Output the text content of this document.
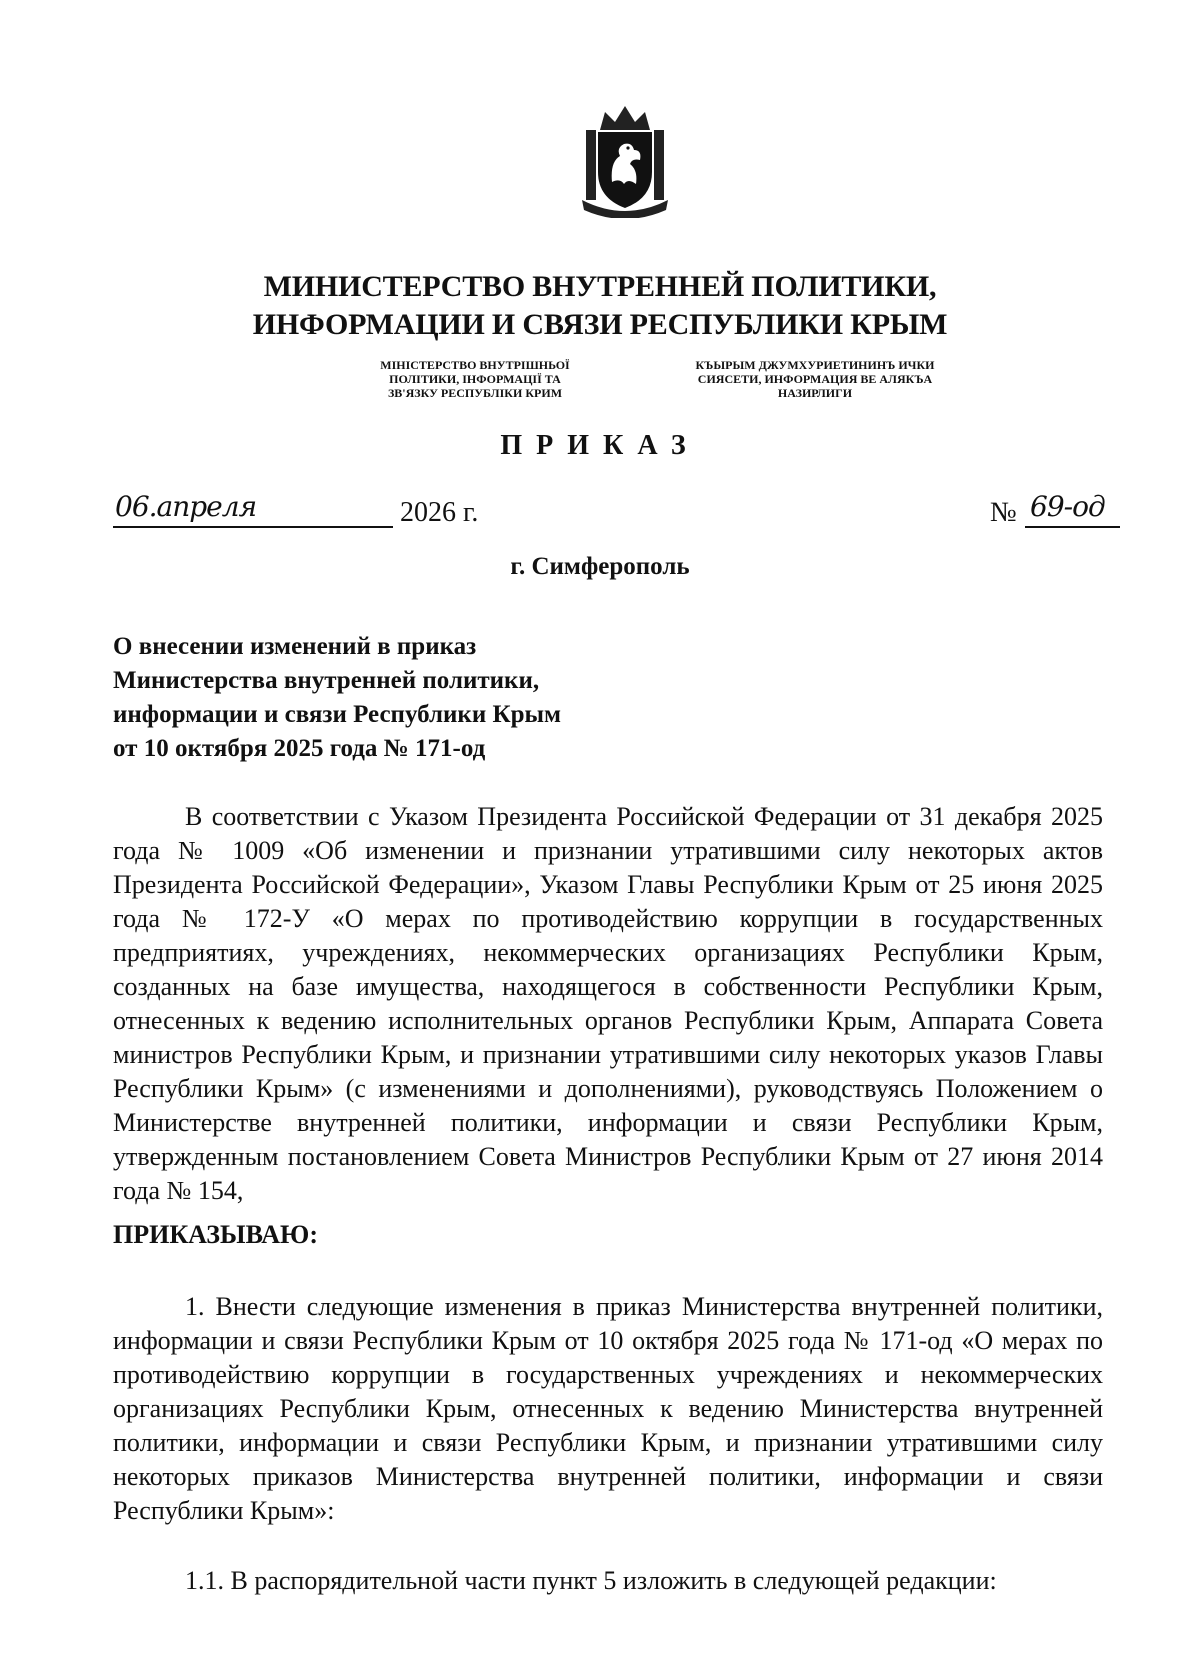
МИНИСТЕРСТВО ВНУТРЕННЕЙ ПОЛИТИКИ,
ИНФОРМАЦИИ И СВЯЗИ РЕСПУБЛИКИ КРЫМ
МІНІСТЕРСТВО ВНУТРІШНЬОЇ
ПОЛІТИКИ, ІНФОРМАЦІЇ ТА
ЗВ'ЯЗКУ РЕСПУБЛІКИ КРИМ
КЪЫРЫМ ДЖУМХУРИЕТИНИНЪ ИЧКИ
СИЯСЕТИ, ИНФОРМАЦИЯ ВЕ АЛЯКЪА
НАЗИРЛИГИ
ПРИКАЗ
06.апреля	2026 г.	№ 69-од
г. Симферополь
О внесении изменений в приказ
Министерства внутренней политики,
информации и связи Республики Крым
от 10 октября 2025 года № 171-од
В соответствии с Указом Президента Российской Федерации от 31 декабря 2025 года № 1009 «Об изменении и признании утратившими силу некоторых актов Президента Российской Федерации», Указом Главы Республики Крым от 25 июня 2025 года № 172-У «О мерах по противодействию коррупции в государственных предприятиях, учреждениях, некоммерческих организациях Республики Крым, созданных на базе имущества, находящегося в собственности Республики Крым, отнесенных к ведению исполнительных органов Республики Крым, Аппарата Совета министров Республики Крым, и признании утратившими силу некоторых указов Главы Республики Крым» (с изменениями и дополнениями), руководствуясь Положением о Министерстве внутренней политики, информации и связи Республики Крым, утвержденным постановлением Совета Министров Республики Крым от 27 июня 2014 года № 154,
ПРИКАЗЫВАЮ:
1. Внести следующие изменения в приказ Министерства внутренней политики, информации и связи Республики Крым от 10 октября 2025 года № 171-од «О мерах по противодействию коррупции в государственных учреждениях и некоммерческих организациях Республики Крым, отнесенных к ведению Министерства внутренней политики, информации и связи Республики Крым, и признании утратившими силу некоторых приказов Министерства внутренней политики, информации и связи Республики Крым»:
1.1. В распорядительной части пункт 5 изложить в следующей редакции:
